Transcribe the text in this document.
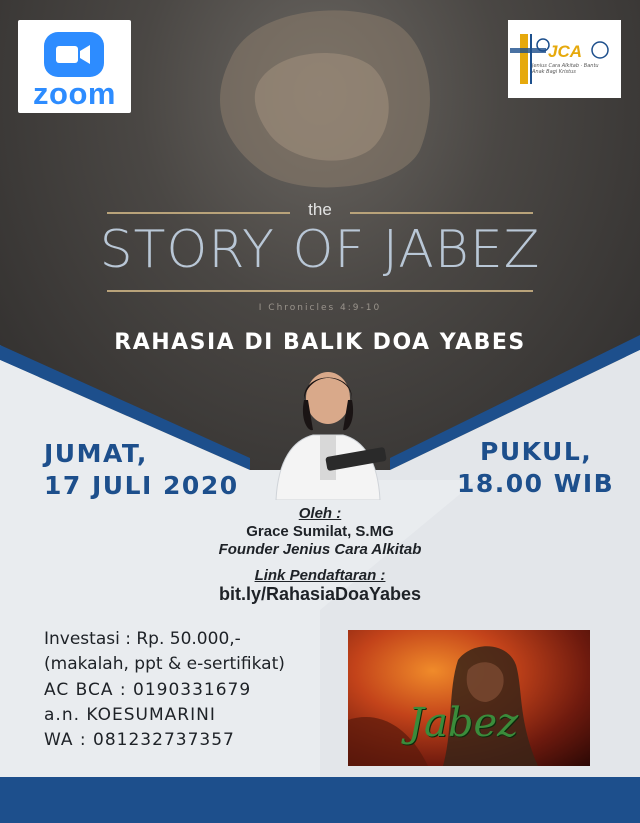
zoom
JCA
Jenius Cara Alkitab · Bantu Anak Bagi Kristus
the
STORY OF JABEZ
I Chronicles 4:9-10
RAHASIA DI BALIK DOA YABES
JUMAT,
17 JULI 2020
PUKUL,
18.00 WIB
Oleh :
Grace Sumilat, S.MG
Founder Jenius Cara Alkitab
Link Pendaftaran :
bit.ly/RahasiaDoaYabes
Investasi : Rp. 50.000,-
(makalah, ppt & e-sertifikat)
AC BCA : 0190331679
a.n. KOESUMARINI
WA : 081232737357	Jabez
